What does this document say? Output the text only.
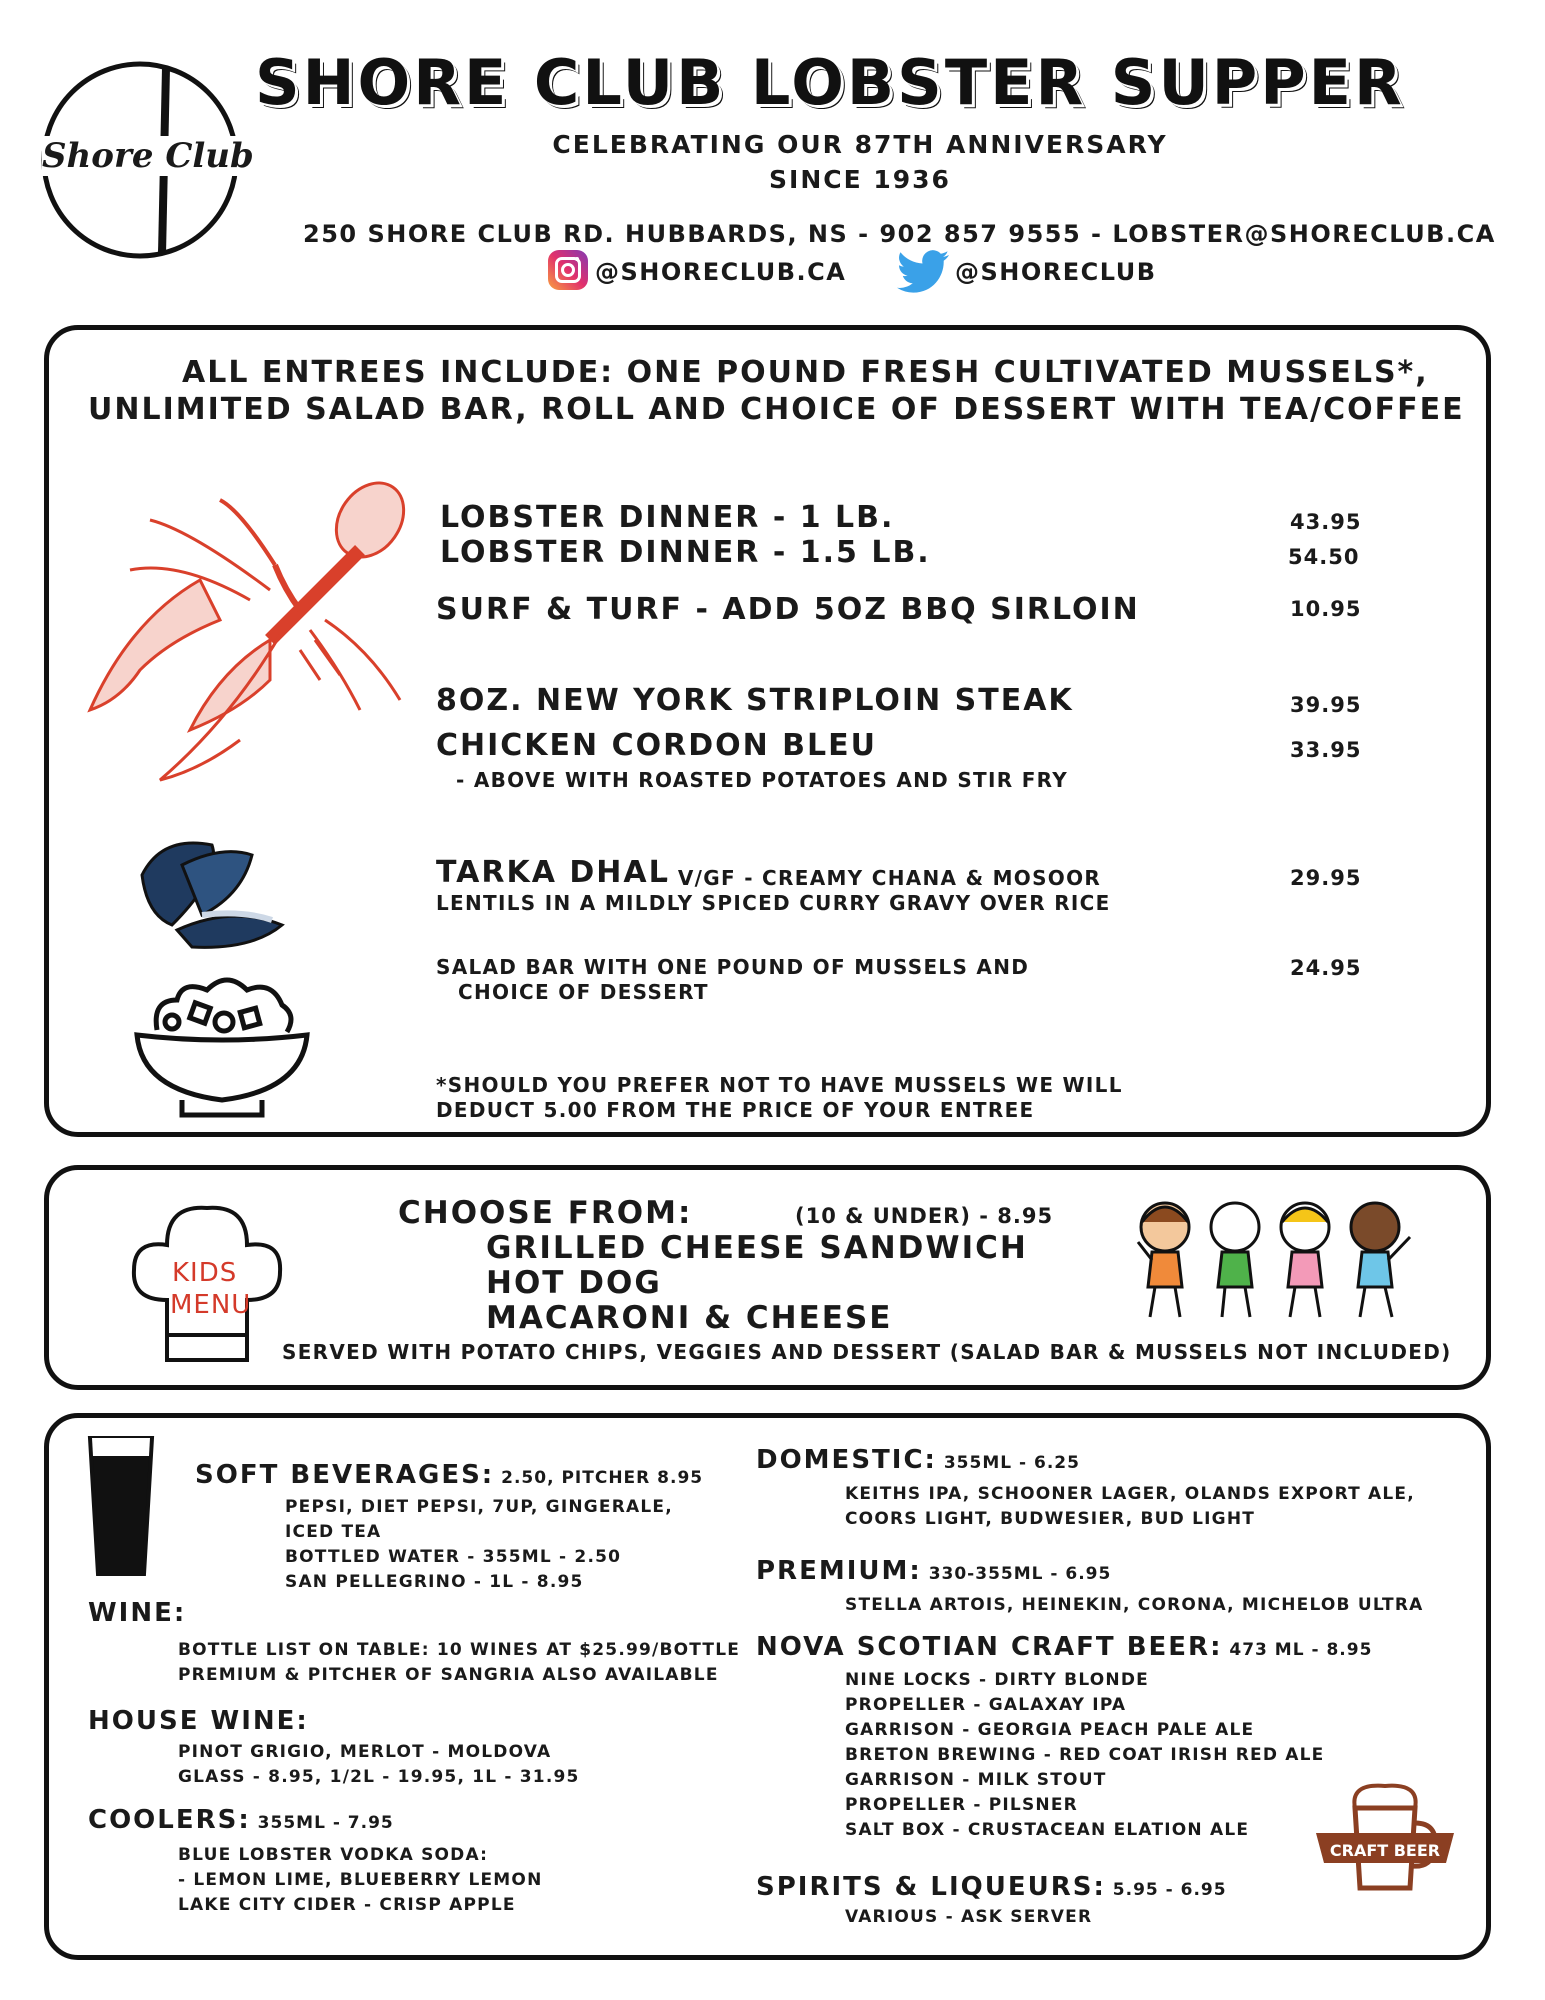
Shore Club
SHORE CLUB LOBSTER SUPPER
CELEBRATING OUR 87TH ANNIVERSARY
SINCE 1936
250 SHORE CLUB RD. HUBBARDS, NS - 902 857 9555 - LOBSTER@SHORECLUB.CA
@SHORECLUB.CA	@SHORECLUB
ALL ENTREES INCLUDE: ONE POUND FRESH CULTIVATED MUSSELS*,
UNLIMITED SALAD BAR, ROLL AND CHOICE OF DESSERT WITH TEA/COFFEE
LOBSTER DINNER - 1 LB.	43.95
LOBSTER DINNER - 1.5 LB.	54.50
SURF & TURF - ADD 5OZ BBQ SIRLOIN	10.95
8OZ. NEW YORK STRIPLOIN STEAK	39.95
CHICKEN CORDON BLEU	33.95
- ABOVE WITH ROASTED POTATOES AND STIR FRY
TARKA DHAL
- V/GF - CREAMY CHANA & MOSOOR
LENTILS IN A MILDLY SPICED CURRY GRAVY OVER RICE
29.95
SALAD BAR WITH ONE POUND OF MUSSELS AND
CHOICE OF DESSERT
24.95
*SHOULD YOU PREFER NOT TO HAVE MUSSELS WE WILL
DEDUCT 5.00 FROM THE PRICE OF YOUR ENTREE
KIDS
MENU
CHOOSE FROM:	(10 & UNDER) - 8.95
GRILLED CHEESE SANDWICH
HOT DOG
MACARONI & CHEESE
SERVED WITH POTATO CHIPS, VEGGIES AND DESSERT (SALAD BAR & MUSSELS NOT INCLUDED)
SOFT BEVERAGES: 2.50, PITCHER 8.95
PEPSI, DIET PEPSI, 7UP, GINGERALE,
ICED TEA
BOTTLED WATER - 355ML - 2.50
SAN PELLEGRINO - 1L - 8.95
WINE:
BOTTLE LIST ON TABLE: 10 WINES AT $25.99/BOTTLE
PREMIUM & PITCHER OF SANGRIA ALSO AVAILABLE
HOUSE WINE:
PINOT GRIGIO, MERLOT - MOLDOVA
GLASS - 8.95, 1/2L - 19.95, 1L - 31.95
COOLERS: 355ML - 7.95
BLUE LOBSTER VODKA SODA:
- LEMON LIME, BLUEBERRY LEMON
LAKE CITY CIDER - CRISP APPLE
DOMESTIC: 355ML - 6.25
KEITHS IPA, SCHOONER LAGER, OLANDS EXPORT ALE,
COORS LIGHT, BUDWESIER, BUD LIGHT
PREMIUM: 330-355ML - 6.95
STELLA ARTOIS, HEINEKIN, CORONA, MICHELOB ULTRA
NOVA SCOTIAN CRAFT BEER: 473 ML - 8.95
NINE LOCKS - DIRTY BLONDE
PROPELLER - GALAXAY IPA
GARRISON - GEORGIA PEACH PALE ALE
BRETON BREWING - RED COAT IRISH RED ALE
GARRISON - MILK STOUT
PROPELLER - PILSNER
SALT BOX - CRUSTACEAN ELATION ALE
CRAFT BEER
SPIRITS & LIQUEURS: 5.95 - 6.95
VARIOUS - ASK SERVER
